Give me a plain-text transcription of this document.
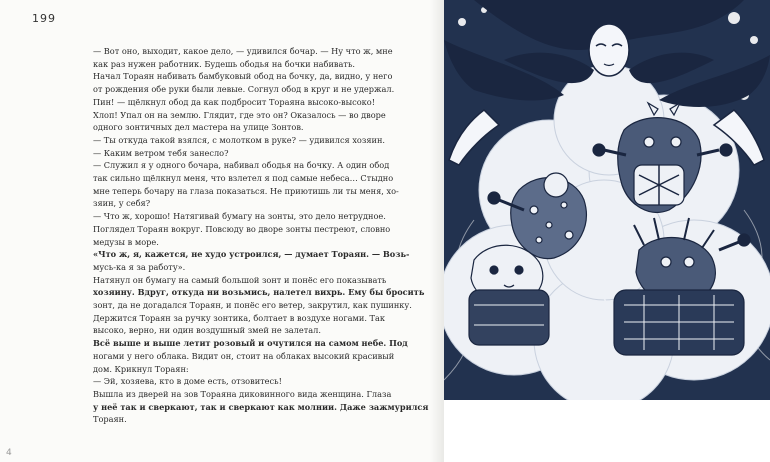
199

— Вот оно, выходит, какое дело, — удивился бочар. — Ну что ж, мне

как раз нужен работник. Будешь ободья на бочки набивать.

Начал Тораян набивать бамбуковый обод на бочку, да, видно, у него

от рождения обе руки были левые. Согнул обод в круг и не удержал.

Пин! — щёлкнул обод да как подбросит Тораяна высоко-высоко!

Хлоп! Упал он на землю. Глядит, где это он? Оказалось — во дворе

одного зонтичных дел мастера на улице Зонтов.

— Ты откуда такой взялся, с молотком в руке? — удивился хозяин.

— Каким ветром тебя занесло?

— Служил я у одного бочара, набивал ободья на бочку. А один обод

так сильно щёлкнул меня, что взлетел я под самые небеса… Стыдно

мне теперь бочару на глаза показаться. Не приютишь ли ты меня, хо-

зяин, у себя?

— Что ж, хорошо! Натягивай бумагу на зонты, это дело нетрудное.

Поглядел Тораян вокруг. Повсюду во дворе зонты пестреют, словно

медузы в море.

«Что ж, я, кажется, не худо устроился, — думает Тораян. — Возь-

мусь-ка я за работу».

Натянул он бумагу на самый большой зонт и понёс его показывать

хозяину. Вдруг, откуда ни возьмись, налетел вихрь. Ему бы бросить

зонт, да не догадался Тораян, и понёс его ветер, закрутил, как пушинку.

Держится Тораян за ручку зонтика, болтает в воздухе ногами. Так

высоко, верно, ни один воздушный змей не залетал.

Всё выше и выше летит розовый и очутился на самом небе. Под

ногами у него облака. Видит он, стоит на облаках высокий красивый

дом. Крикнул Тораян:

— Эй, хозяева, кто в доме есть, отзовитесь!

Вышла из дверей на зов Тораяна диковинного вида женщина. Глаза

у неё так и сверкают, так и сверкают как молнии. Даже зажмурился

Тораян.

4
